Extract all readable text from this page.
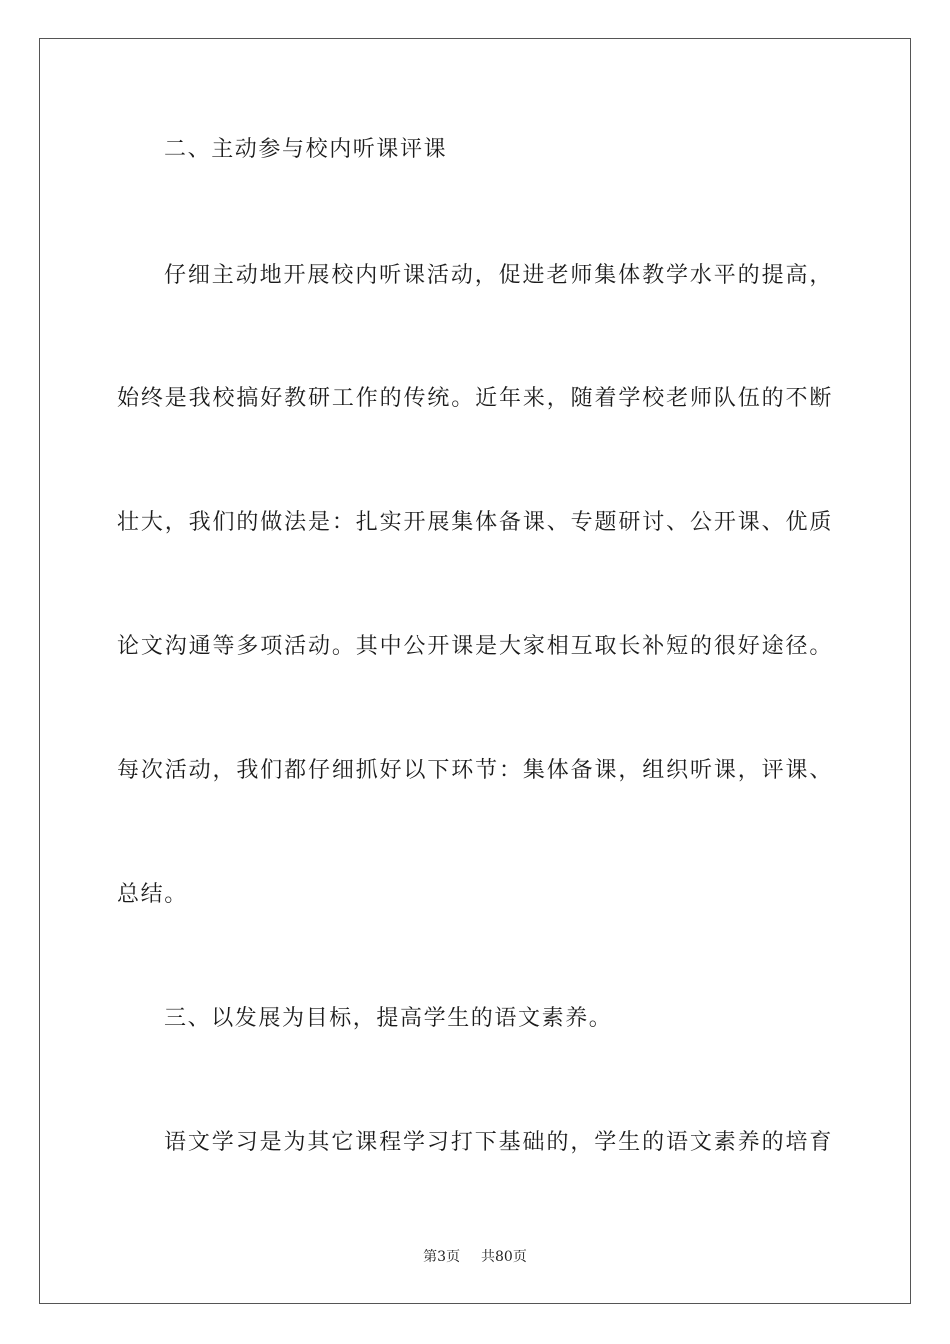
二、主动参与校内听课评课
仔细主动地开展校内听课活动，促进老师集体教学水平的提高，
始终是我校搞好教研工作的传统。近年来，随着学校老师队伍的不断
壮大，我们的做法是：扎实开展集体备课、专题研讨、公开课、优质
论文沟通等多项活动。其中公开课是大家相互取长补短的很好途径。
每次活动，我们都仔细抓好以下环节：集体备课，组织听课，评课、
总结。
三、以发展为目标，提高学生的语文素养。
语文学习是为其它课程学习打下基础的，学生的语文素养的培育
第3页 共80页
